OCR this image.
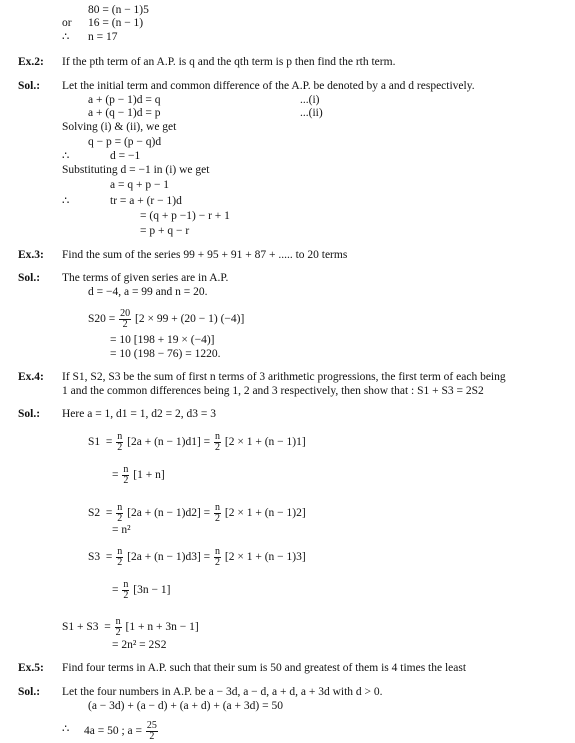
80 = (n − 1)5
or 16 = (n − 1)
∴ n = 17
Ex.2: If the pth term of an A.P. is q and the qth term is p then find the rth term.
Sol.: Let the initial term and common difference of the A.P. be denoted by a and d respectively.
a + (p − 1)d = q	...(i)
a + (q − 1)d = p	...(ii)
Solving (i) & (ii), we get
q − p = (p − q)d
∴	d = −1
Substituting d = −1 in (i) we get
a = q + p − 1
∴	tr = a + (r − 1)d
= (q + p −1) − r + 1
= p + q − r
Ex.3: Find the sum of the series 99 + 95 + 91 + 87 + ..... to 20 terms
Sol.: The terms of given series are in A.P.
d = −4, a = 99 and n = 20.
$S20 = \frac{20}{2} [2 \times 99 + (20 - 1)$ (−4)]
= 10 [198 + 19 × (−4)]
= 10 (198 − 76) = 1220.
Ex.4: If S1, S2, S3 be the sum of first n terms of 3 arithmetic progressions, the first term of each being
1 and the common differences being 1, 2 and 3 respectively, then show that : S1 + S3 = 2S2
Sol.: Here a = 1, d1 = 1, d2 = 2, d3 = 3
$S1 = \frac{n}{2} [2a + (n - 1)d1] = \frac{n}{2} [2 \times 1 + (n - 1)1]$
= $\frac{n}{2} [1 + n]$
$S2 = \frac{n}{2} [2a + (n - 1)d2] = \frac{n}{2} [2 \times 1 + (n - 1)2]$
= n²
$S3 = \frac{n}{2} [2a + (n - 1)d3] = \frac{n}{2} [2 \times 1 + (n - 1)3]$
= $\frac{n}{2} [3n - 1]$
$S1 + S3 = \frac{n}{2} [1 + n + 3n - 1]$
= 2n² = 2S2
Ex.5: Find four terms in A.P. such that their sum is 50 and greatest of them is 4 times the least
Sol.: Let the four numbers in A.P. be a − 3d, a − d, a + d, a + 3d with d > 0.
(a − 3d) + (a − d) + (a + d) + (a + 3d) = 50
∴ 4a = 50 ; $a = \frac{25}{2}$
